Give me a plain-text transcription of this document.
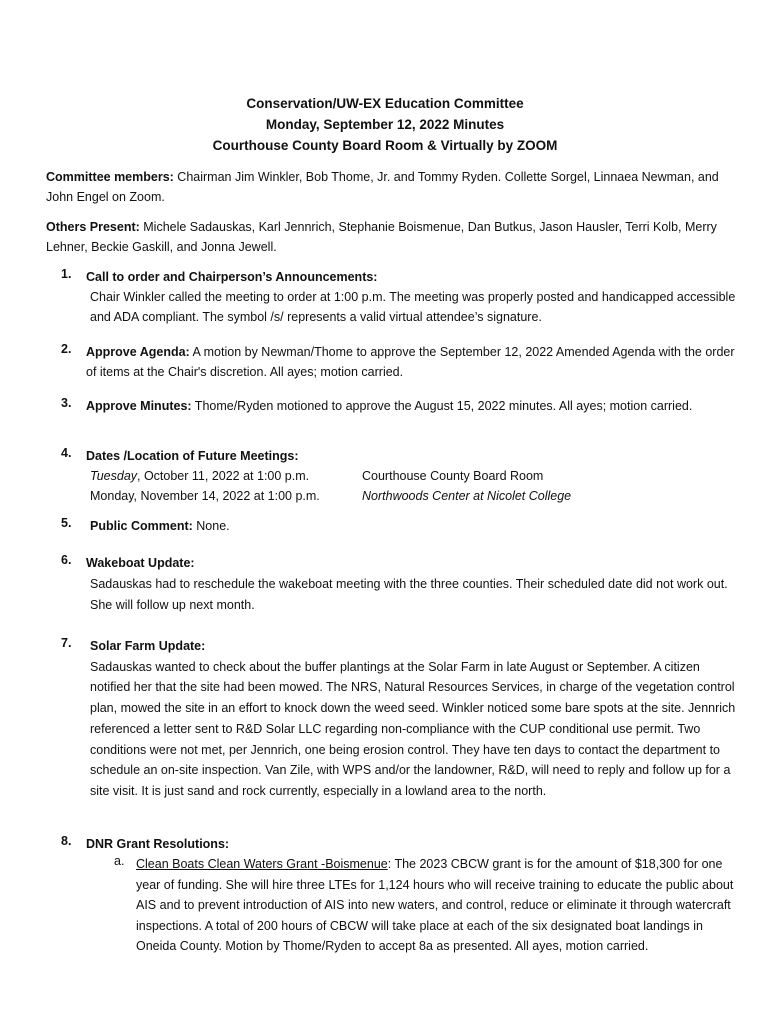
Conservation/UW-EX Education Committee
Monday, September 12, 2022 Minutes
Courthouse County Board Room & Virtually by ZOOM
Committee members: Chairman Jim Winkler, Bob Thome, Jr. and Tommy Ryden. Collette Sorgel, Linnaea Newman, and John Engel on Zoom.
Others Present: Michele Sadauskas, Karl Jennrich, Stephanie Boismenue, Dan Butkus, Jason Hausler, Terri Kolb, Merry Lehner, Beckie Gaskill, and Jonna Jewell.
1. Call to order and Chairperson’s Announcements:
Chair Winkler called the meeting to order at 1:00 p.m. The meeting was properly posted and handicapped accessible and ADA compliant. The symbol /s/ represents a valid virtual attendee’s signature.
2. Approve Agenda: A motion by Newman/Thome to approve the September 12, 2022 Amended Agenda with the order of items at the Chair's discretion. All ayes; motion carried.
3. Approve Minutes: Thome/Ryden motioned to approve the August 15, 2022 minutes. All ayes; motion carried.
4. Dates /Location of Future Meetings:
Tuesday, October 11, 2022 at 1:00 p.m.	Courthouse County Board Room
Monday, November 14, 2022 at 1:00 p.m.	Northwoods Center at Nicolet College
5.	Public Comment: None.
6. Wakeboat Update:
Sadauskas had to reschedule the wakeboat meeting with the three counties. Their scheduled date did not work out. She will follow up next month.
7.	Solar Farm Update:
Sadauskas wanted to check about the buffer plantings at the Solar Farm in late August or September. A citizen notified her that the site had been mowed. The NRS, Natural Resources Services, in charge of the vegetation control plan, mowed the site in an effort to knock down the weed seed. Winkler noticed some bare spots at the site. Jennrich referenced a letter sent to R&D Solar LLC regarding non-compliance with the CUP conditional use permit. Two conditions were not met, per Jennrich, one being erosion control. They have ten days to contact the department to schedule an on-site inspection. Van Zile, with WPS and/or the landowner, R&D, will need to reply and follow up for a site visit. It is just sand and rock currently, especially in a lowland area to the north.
8. DNR Grant Resolutions:
a. Clean Boats Clean Waters Grant -Boismenue: The 2023 CBCW grant is for the amount of $18,300 for one year of funding. She will hire three LTEs for 1,124 hours who will receive training to educate the public about AIS and to prevent introduction of AIS into new waters, and control, reduce or eliminate it through watercraft inspections. A total of 200 hours of CBCW will take place at each of the six designated boat landings in Oneida County. Motion by Thome/Ryden to accept 8a as presented. All ayes, motion carried.
